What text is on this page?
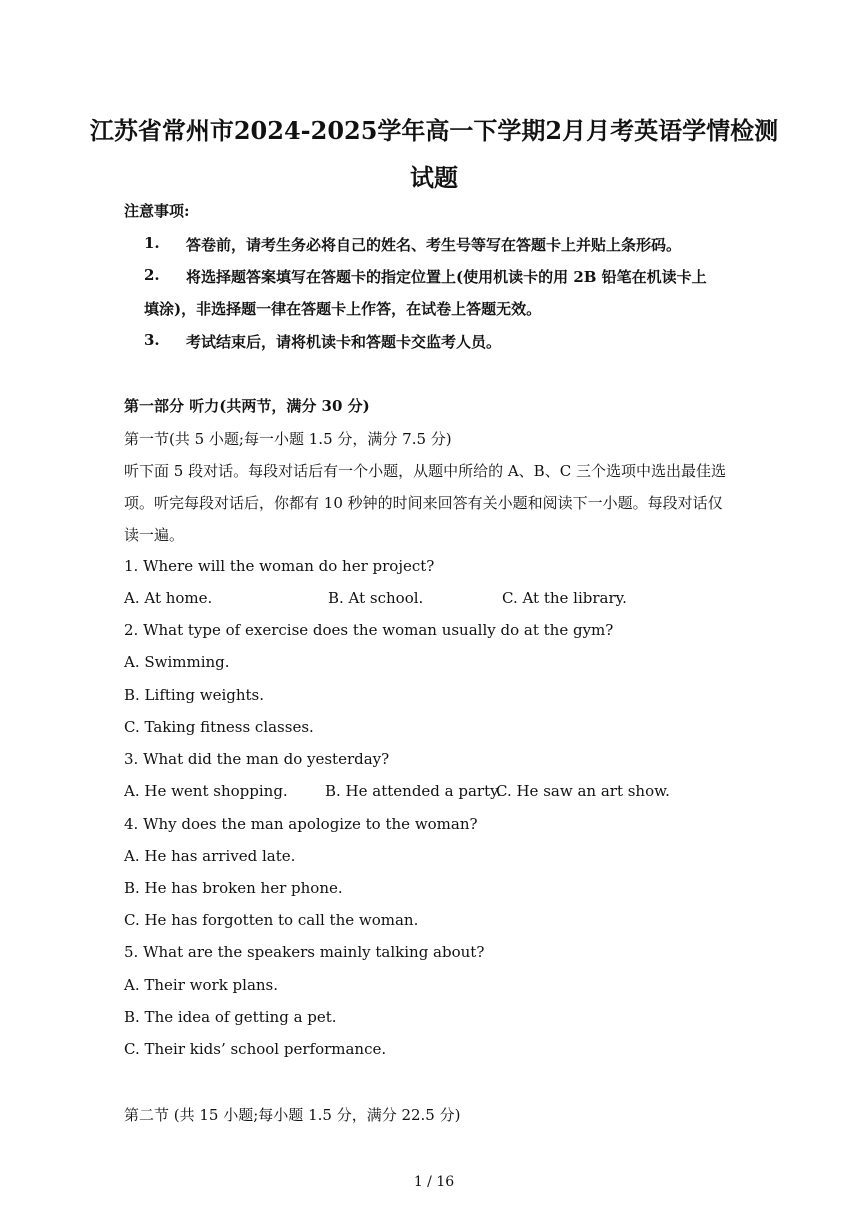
江苏省常州市2024-2025学年高一下学期2月月考英语学情检测
试题
注意事项:
1. 答卷前，请考生务必将自己的姓名、考生号等写在答题卡上并贴上条形码。
2. 将选择题答案填写在答题卡的指定位置上(使用机读卡的用 2B 铅笔在机读卡上
填涂)，非选择题一律在答题卡上作答，在试卷上答题无效。
3. 考试结束后，请将机读卡和答题卡交监考人员。
第一部分 听力(共两节，满分 30 分)
第一节(共 5 小题;每一小题 1.5 分，满分 7.5 分)
听下面 5 段对话。每段对话后有一个小题，从题中所给的 A、B、C 三个选项中选出最佳选
项。听完每段对话后，你都有 10 秒钟的时间来回答有关小题和阅读下一小题。每段对话仅
读一遍。
1. Where will the woman do her project?
A. At home.	B. At school.	C. At the library.
2. What type of exercise does the woman usually do at the gym?
A. Swimming.
B. Lifting weights.
C. Taking fitness classes.
3. What did the man do yesterday?
A. He went shopping. B. He attended a party.
C. He saw an art show.
4. Why does the man apologize to the woman?
A. He has arrived late.
B. He has broken her phone.
C. He has forgotten to call the woman.
5. What are the speakers mainly talking about?
A. Their work plans.
B. The idea of getting a pet.
C. Their kids’ school performance.
第二节 (共 15 小题;每小题 1.5 分，满分 22.5 分)
1 / 16
